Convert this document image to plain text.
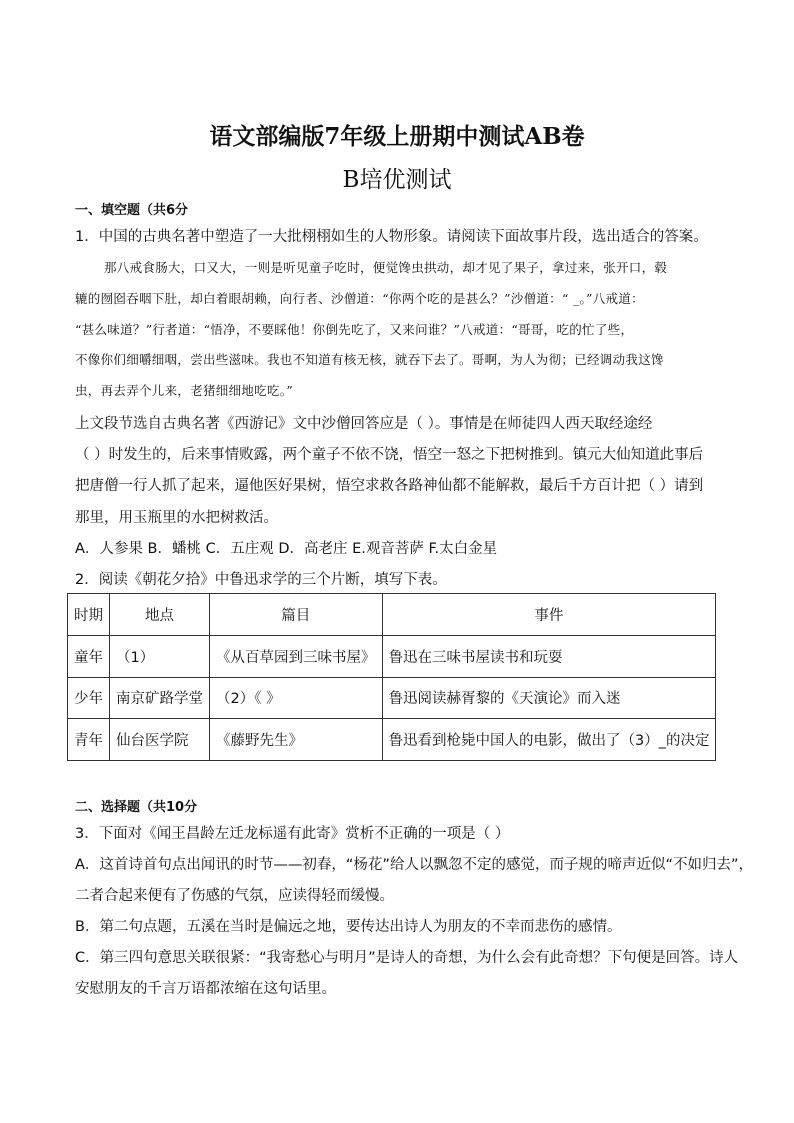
语文部编版7年级上册期中测试AB卷
B培优测试
一、填空题（共6分
1．中国的古典名著中塑造了一大批栩栩如生的人物形象。请阅读下面故事片段，选出适合的答案。
那八戒食肠大，口又大，一则是听见童子吃时，便觉馋虫拱动，却才见了果子，拿过来，张开口，毂
辘的囫囵吞咽下肚，却白着眼胡赖，向行者、沙僧道：“你两个吃的是甚么？”沙僧道：“ _。”八戒道：
“甚么味道？”行者道：“悟净，不要睬他！你倒先吃了，又来问谁？”八戒道：“哥哥，吃的忙了些，
不像你们细嚼细咽，尝出些滋味。我也不知道有核无核，就吞下去了。哥啊，为人为彻；已经调动我这馋
虫，再去弄个儿来，老猪细细地吃吃。”
上文段节选自古典名著《西游记》文中沙僧回答应是（ ）。事情是在师徒四人西天取经途经
（ ）时发生的，后来事情败露，两个童子不依不饶，悟空一怒之下把树推到。镇元大仙知道此事后
把唐僧一行人抓了起来，逼他医好果树，悟空求救各路神仙都不能解救，最后千方百计把（ ）请到
那里，用玉瓶里的水把树救活。
A．人参果 B．蟠桃 C．五庄观 D．高老庄 E.观音菩萨 F.太白金星
2．阅读《朝花夕拾》中鲁迅求学的三个片断，填写下表。
时期	地点	篇目	事件
童年	（1）	《从百草园到三味书屋》	鲁迅在三味书屋读书和玩耍
少年	南京矿路学堂	（2）《 》	鲁迅阅读赫胥黎的《天演论》而入迷
青年	仙台医学院	《藤野先生》	鲁迅看到枪毙中国人的电影，做出了（3）_的决定
二、选择题（共10分
3．下面对《闻王昌龄左迁龙标遥有此寄》赏析不正确的一项是（ ）
A．这首诗首句点出闻讯的时节——初春，“杨花”给人以飘忽不定的感觉，而子规的啼声近似“不如归去”，
二者合起来便有了伤感的气氛，应读得轻而缓慢。
B．第二句点题，五溪在当时是偏远之地，要传达出诗人为朋友的不幸而悲伤的感情。
C．第三四句意思关联很紧：“我寄愁心与明月”是诗人的奇想，为什么会有此奇想？下句便是回答。诗人
安慰朋友的千言万语都浓缩在这句话里。
